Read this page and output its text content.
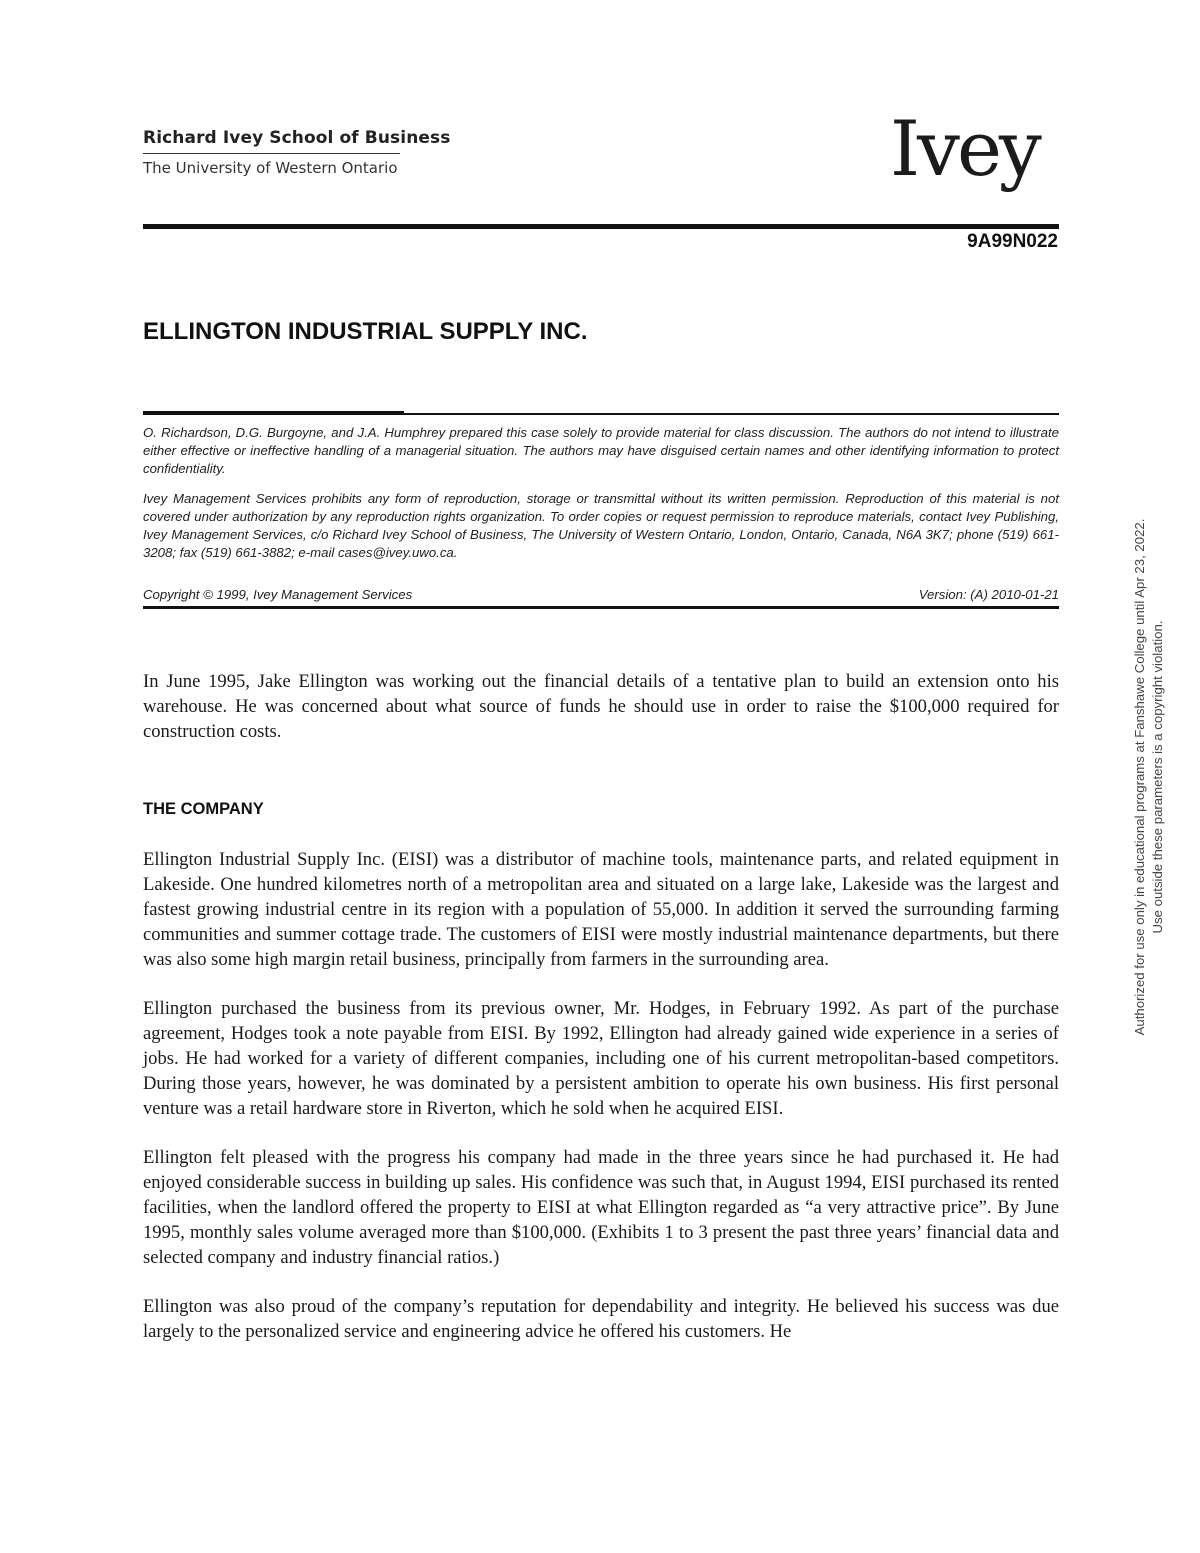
Richard Ivey School of Business
The University of Western Ontario	Ivey
9A99N022
ELLINGTON INDUSTRIAL SUPPLY INC.

O. Richardson, D.G. Burgoyne, and J.A. Humphrey prepared this case solely to provide material for class discussion. The authors do not intend to illustrate either effective or ineffective handling of a managerial situation. The authors may have disguised certain names and other identifying information to protect confidentiality.

Ivey Management Services prohibits any form of reproduction, storage or transmittal without its written permission. Reproduction of this material is not covered under authorization by any reproduction rights organization. To order copies or request permission to reproduce materials, contact Ivey Publishing, Ivey Management Services, c/o Richard Ivey School of Business, The University of Western Ontario, London, Ontario, Canada, N6A 3K7; phone (519) 661-3208; fax (519) 661-3882; e-mail cases@ivey.uwo.ca.

Copyright © 1999, Ivey Management Services	Version: (A) 2010-01-21

In June 1995, Jake Ellington was working out the financial details of a tentative plan to build an extension onto his warehouse. He was concerned about what source of funds he should use in order to raise the $100,000 required for construction costs.

THE COMPANY

Ellington Industrial Supply Inc. (EISI) was a distributor of machine tools, maintenance parts, and related equipment in Lakeside. One hundred kilometres north of a metropolitan area and situated on a large lake, Lakeside was the largest and fastest growing industrial centre in its region with a population of 55,000. In addition it served the surrounding farming communities and summer cottage trade. The customers of EISI were mostly industrial maintenance departments, but there was also some high margin retail business, principally from farmers in the surrounding area.

Ellington purchased the business from its previous owner, Mr. Hodges, in February 1992. As part of the purchase agreement, Hodges took a note payable from EISI. By 1992, Ellington had already gained wide experience in a series of jobs. He had worked for a variety of different companies, including one of his current metropolitan-based competitors. During those years, however, he was dominated by a persistent ambition to operate his own business. His first personal venture was a retail hardware store in Riverton, which he sold when he acquired EISI.

Ellington felt pleased with the progress his company had made in the three years since he had purchased it. He had enjoyed considerable success in building up sales. His confidence was such that, in August 1994, EISI purchased its rented facilities, when the landlord offered the property to EISI at what Ellington regarded as “a very attractive price”. By June 1995, monthly sales volume averaged more than $100,000. (Exhibits 1 to 3 present the past three years’ financial data and selected company and industry financial ratios.)

Ellington was also proud of the company’s reputation for dependability and integrity. He believed his success was due largely to the personalized service and engineering advice he offered his customers. He

Authorized for use only in educational programs at Fanshawe College until Apr 23, 2022. Use outside these parameters is a copyright violation.
